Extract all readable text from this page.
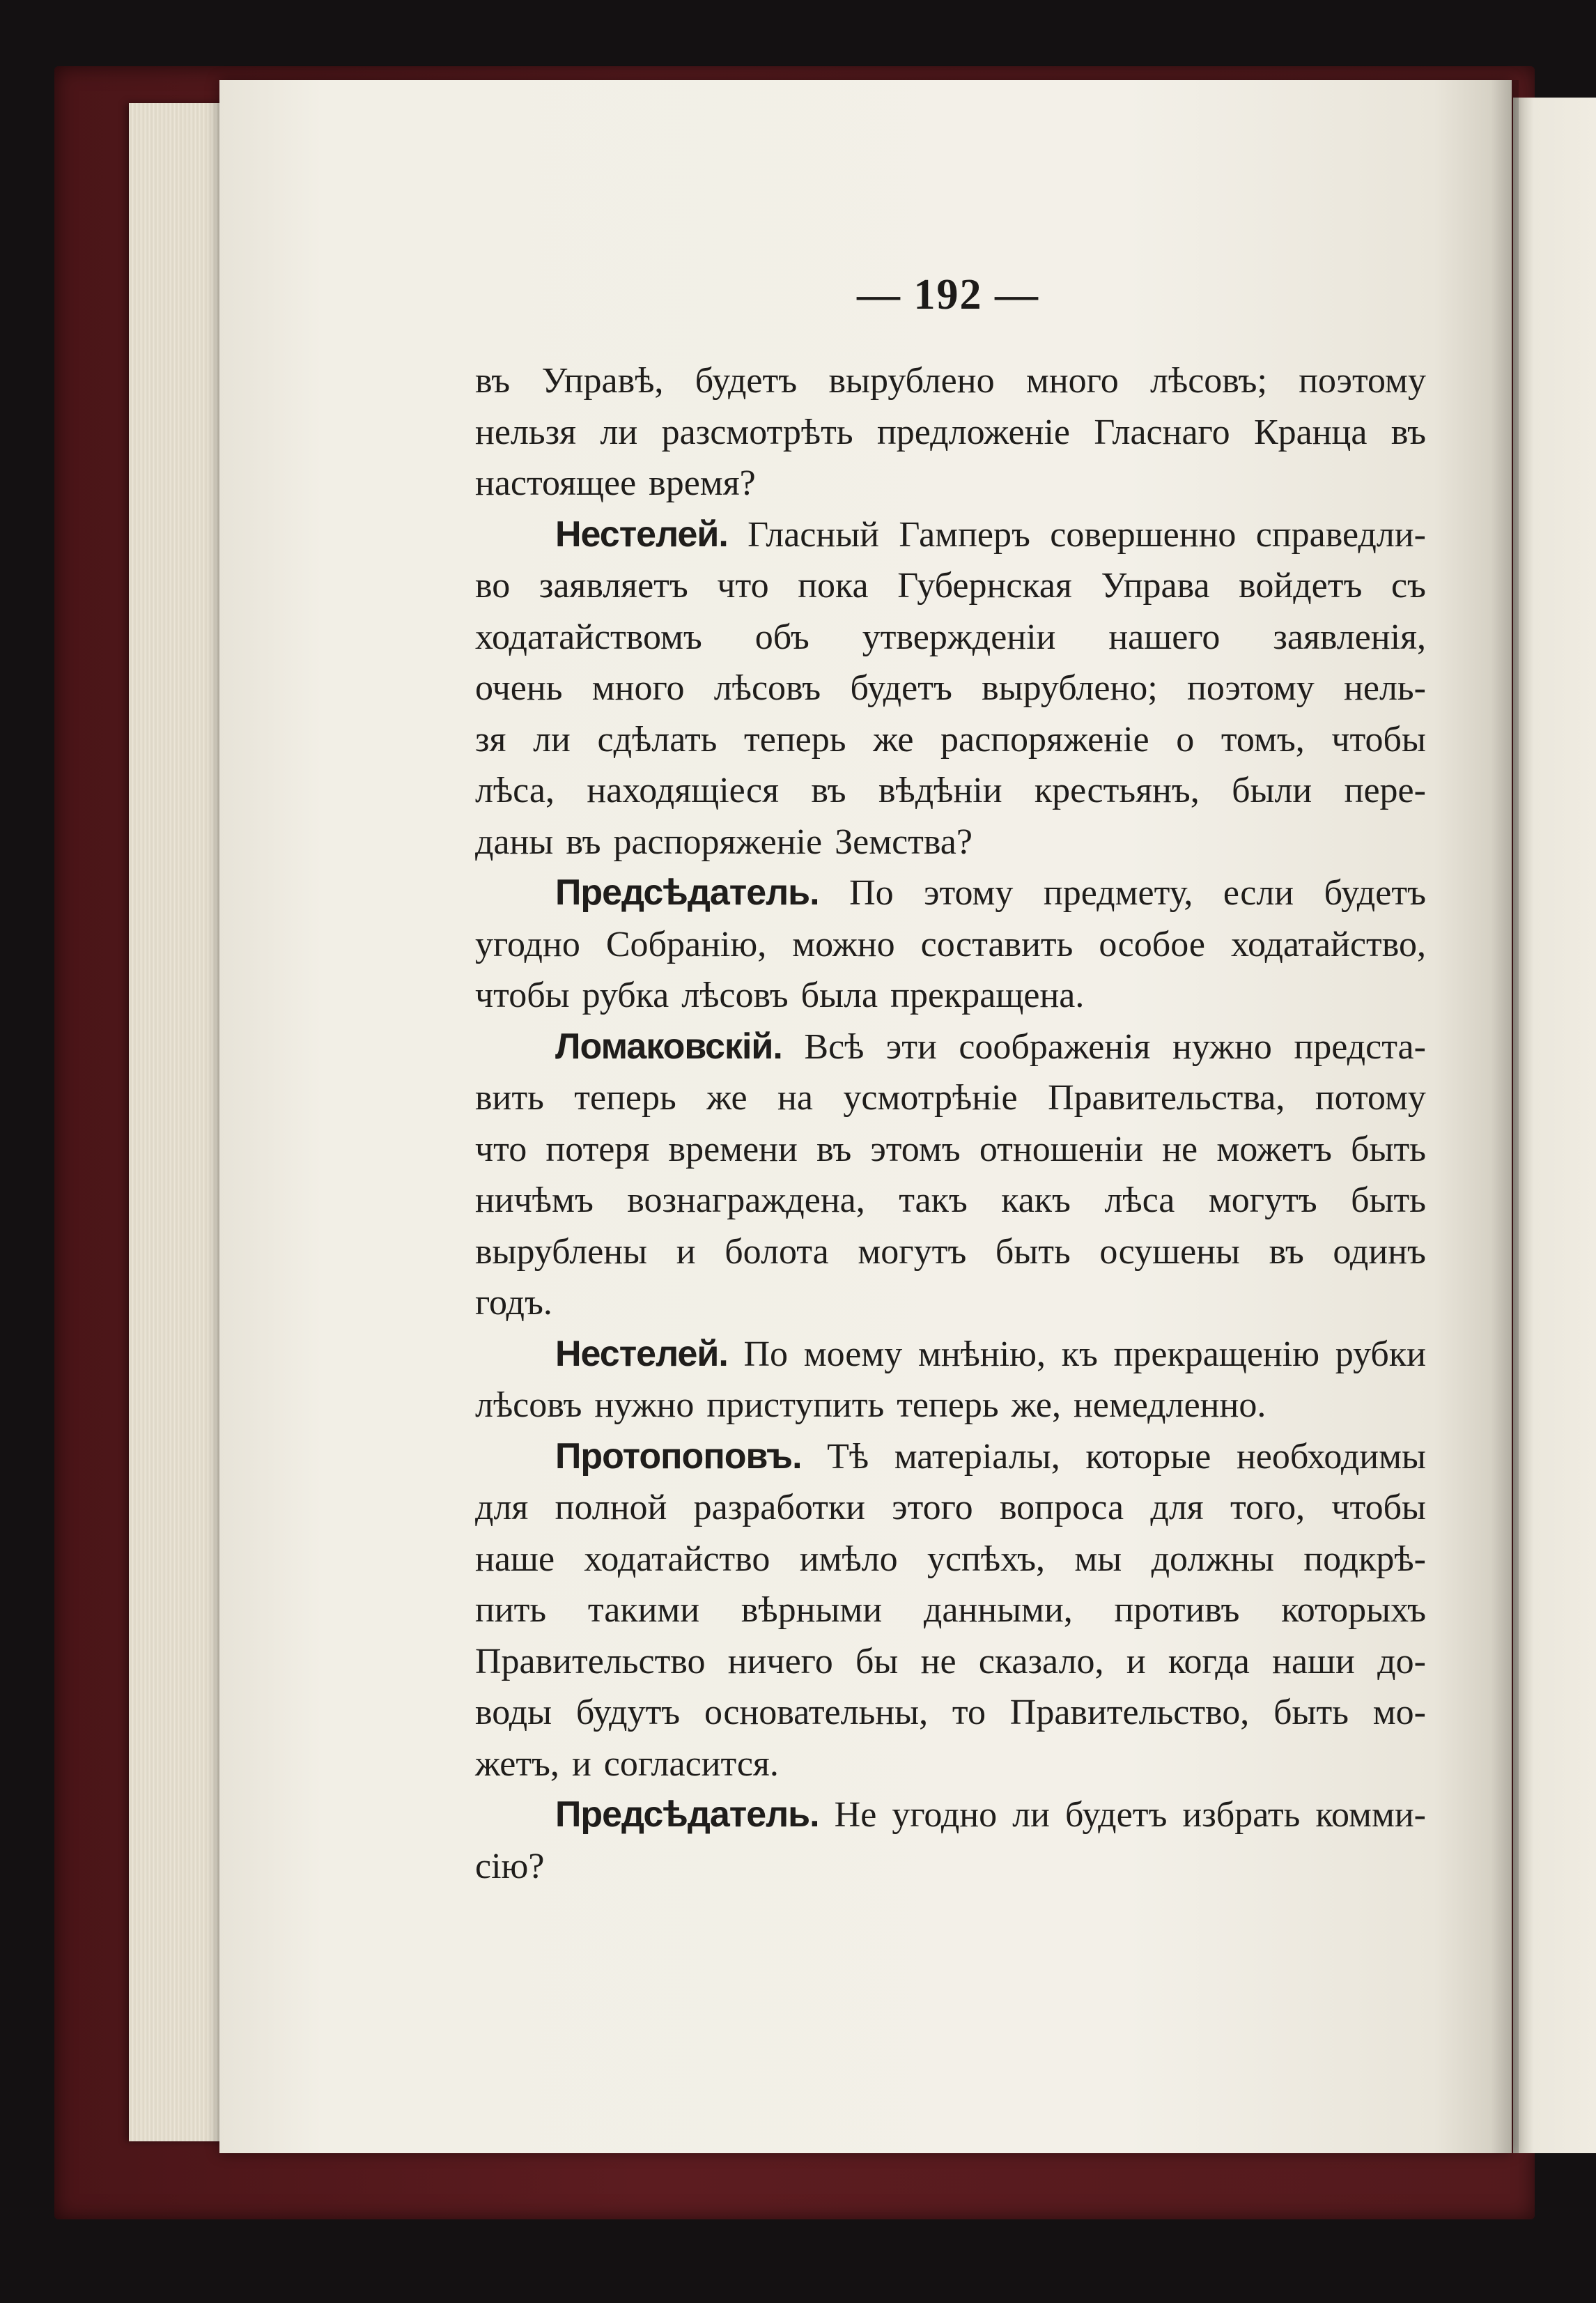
— 192 —
въ Управѣ, будетъ вырублено много лѣсовъ; поэтому
нельзя ли разсмотрѣть предложеніе Гласнаго Кранца въ
настоящее время?
Нестелей. Гласный Гамперъ совершенно справедли-
во заявляетъ что пока Губернская Управа войдетъ съ
ходатайствомъ объ утвержденіи нашего заявленія,
очень много лѣсовъ будетъ вырублено; поэтому нель-
зя ли сдѣлать теперь же распоряженіе о томъ, чтобы
лѣса, находящіеся въ вѣдѣніи крестьянъ, были пере-
даны въ распоряженіе Земства?
Предсѣдатель. По этому предмету, если будетъ
угодно Собранію, можно составить особое ходатайство,
чтобы рубка лѣсовъ была прекращена.
Ломаковскій. Всѣ эти соображенія нужно предста-
вить теперь же на усмотрѣніе Правительства, потому
что потеря времени въ этомъ отношеніи не можетъ быть
ничѣмъ вознаграждена, такъ какъ лѣса могутъ быть
вырублены и болота могутъ быть осушены въ одинъ
годъ.
Нестелей. По моему мнѣнію, къ прекращенію рубки
лѣсовъ нужно приступить теперь же, немедленно.
Протопоповъ. Тѣ матеріалы, которые необходимы
для полной разработки этого вопроса для того, чтобы
наше ходатайство имѣло успѣхъ, мы должны подкрѣ-
пить такими вѣрными данными, противъ которыхъ
Правительство ничего бы не сказало, и когда наши до-
воды будутъ основательны, то Правительство, быть мо-
жетъ, и согласится.
Предсѣдатель. Не угодно ли будетъ избрать комми-
сію?
